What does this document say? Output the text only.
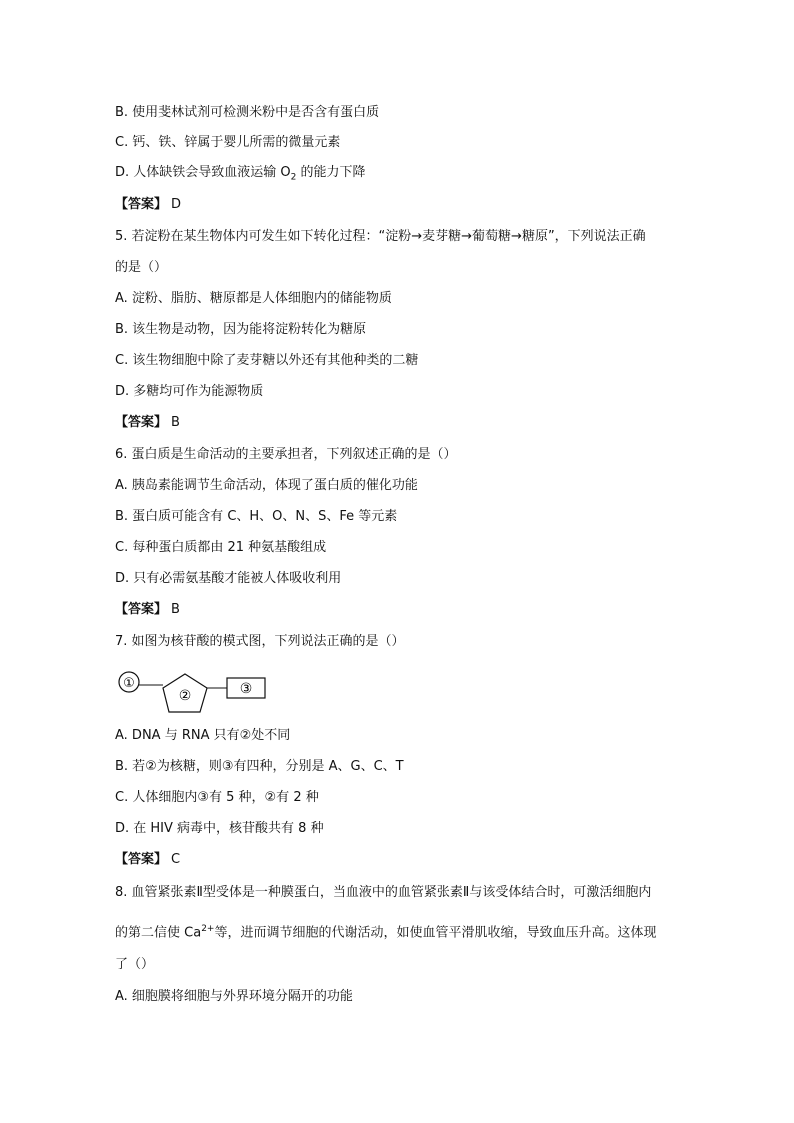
B. 使用斐林试剂可检测米粉中是否含有蛋白质
C. 钙、铁、锌属于婴儿所需的微量元素
D. 人体缺铁会导致血液运输 $O_2$ 的能力下降
【答案】 D
5. 若淀粉在某生物体内可发生如下转化过程：“淀粉→麦芽糖→葡萄糖→糖原”，下列说法正确
的是（）
A. 淀粉、脂肪、糖原都是人体细胞内的储能物质
B. 该生物是动物，因为能将淀粉转化为糖原
C. 该生物细胞中除了麦芽糖以外还有其他种类的二糖
D. 多糖均可作为能源物质
【答案】 B
6. 蛋白质是生命活动的主要承担者，下列叙述正确的是（）
A. 胰岛素能调节生命活动，体现了蛋白质的催化功能
B. 蛋白质可能含有 C、H、O、N、S、Fe 等元素
C. 每种蛋白质都由 21 种氨基酸组成
D. 只有必需氨基酸才能被人体吸收利用
【答案】 B
7. 如图为核苷酸的模式图，下列说法正确的是（）
①
②	③
A. DNA 与 RNA 只有②处不同
B. 若②为核糖，则③有四种，分别是 A、G、C、T
C. 人体细胞内③有 5 种，②有 2 种
D. 在 HIV 病毒中，核苷酸共有 8 种
【答案】 C
8. 血管紧张素Ⅱ型受体是一种膜蛋白，当血液中的血管紧张素Ⅱ与该受体结合时，可激活细胞内
的第二信使 $Ca^{2+}$等，进而调节细胞的代谢活动，如使血管平滑肌收缩，导致血压升高。这体现
了（）
A. 细胞膜将细胞与外界环境分隔开的功能
